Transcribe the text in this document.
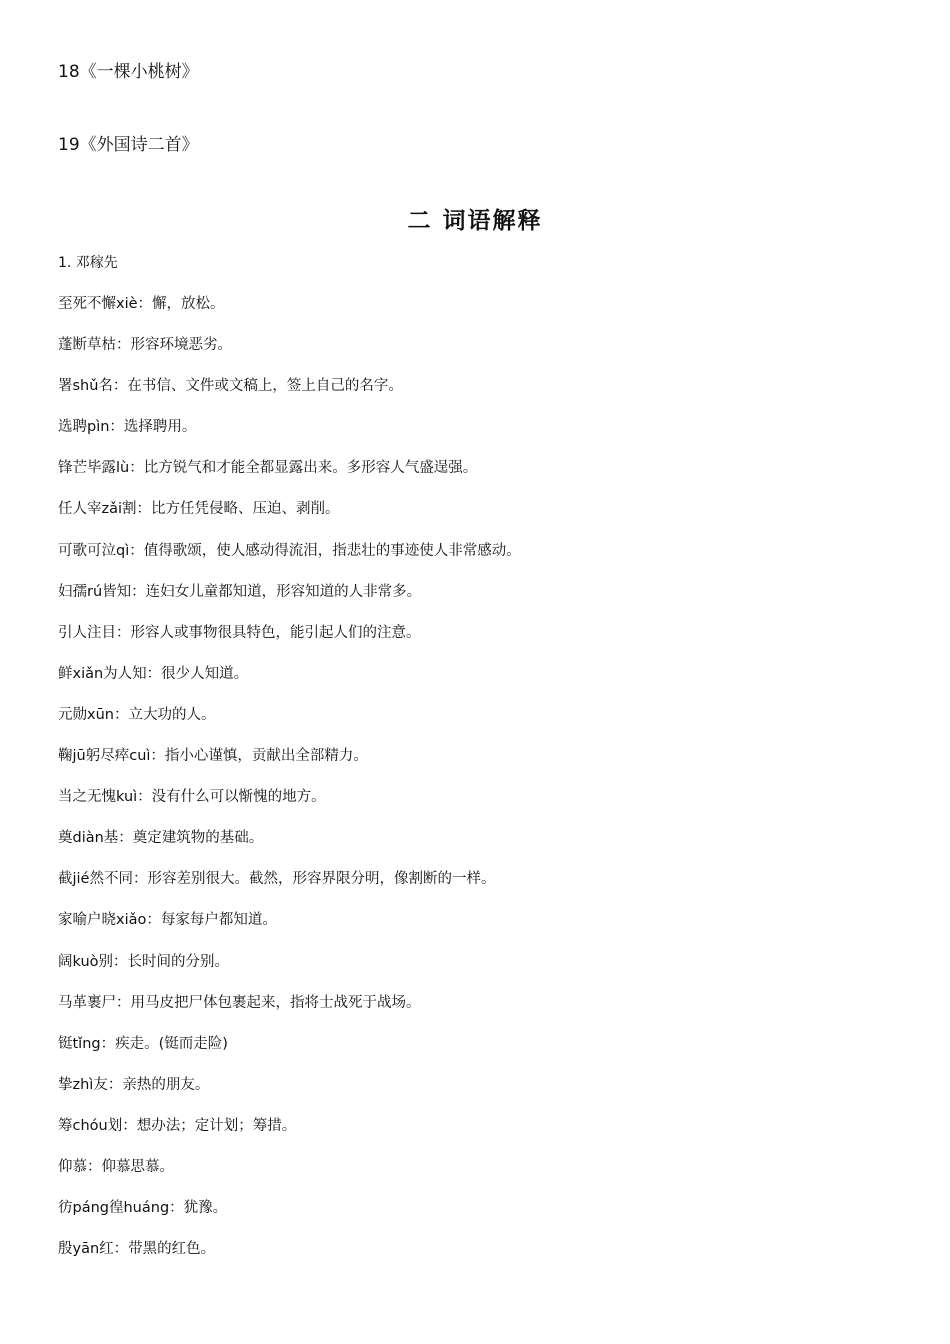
18《一棵小桃树》
19《外国诗二首》
二 词语解释
1. 邓稼先
至死不懈xiè：懈，放松。
蓬断草枯：形容环境恶劣。
署shǔ名：在书信、文件或文稿上，签上自己的名字。
选聘pìn：选择聘用。
锋芒毕露lù：比方锐气和才能全都显露出来。多形容人气盛逞强。
任人宰zǎi割：比方任凭侵略、压迫、剥削。
可歌可泣qì：值得歌颂，使人感动得流泪，指悲壮的事迹使人非常感动。
妇孺rú皆知：连妇女儿童都知道，形容知道的人非常多。
引人注目：形容人或事物很具特色，能引起人们的注意。
鲜xiǎn为人知：很少人知道。
元勋xūn：立大功的人。
鞠jū躬尽瘁cuì：指小心谨慎，贡献出全部精力。
当之无愧kuì：没有什么可以惭愧的地方。
奠diàn基：奠定建筑物的基础。
截jié然不同：形容差别很大。截然，形容界限分明，像割断的一样。
家喻户晓xiǎo：每家每户都知道。
阔kuò别：长时间的分别。
马革裹尸：用马皮把尸体包裹起来，指将士战死于战场。
铤tǐng：疾走。(铤而走险)
挚zhì友：亲热的朋友。
筹chóu划：想办法；定计划；筹措。
仰慕：仰慕思慕。
彷páng徨huáng：犹豫。
殷yān红：带黑的红色。
